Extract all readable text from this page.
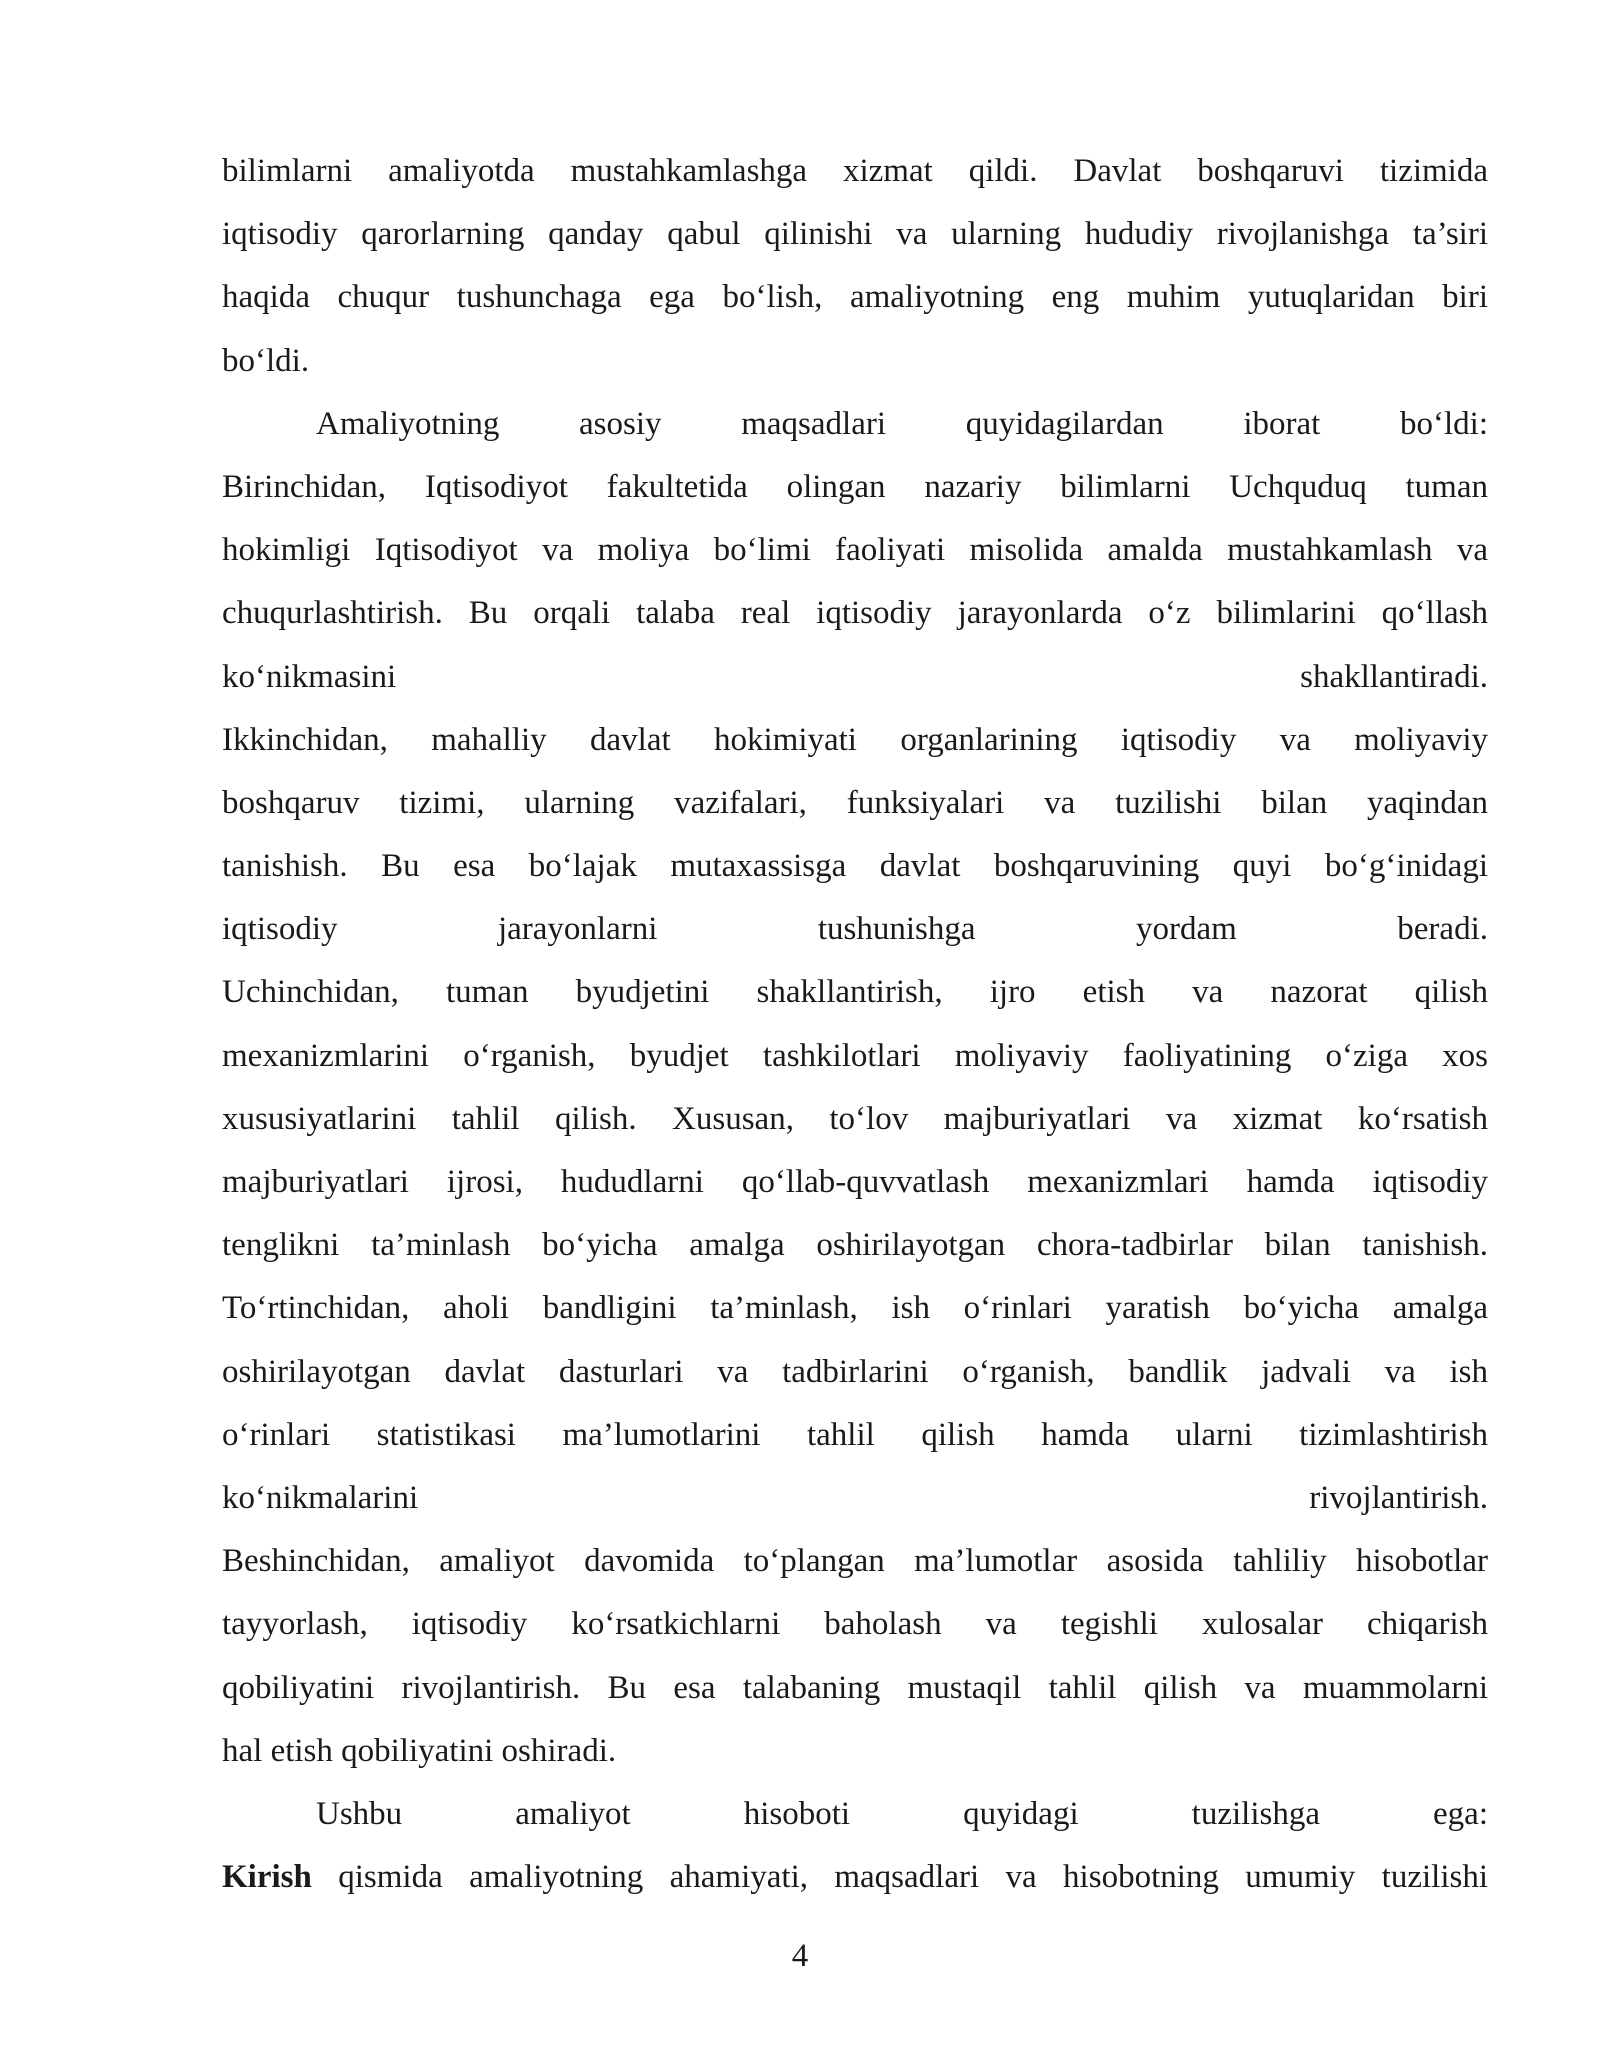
bilimlarni amaliyotda mustahkamlashga xizmat qildi. Davlat boshqaruvi tizimida
iqtisodiy qarorlarning qanday qabul qilinishi va ularning hududiy rivojlanishga ta’siri
haqida chuqur tushunchaga ega bo‘lish, amaliyotning eng muhim yutuqlaridan biri
bo‘ldi.
Amaliyotning asosiy maqsadlari quyidagilardan iborat bo‘ldi:
Birinchidan, Iqtisodiyot fakultetida olingan nazariy bilimlarni Uchquduq tuman
hokimligi Iqtisodiyot va moliya bo‘limi faoliyati misolida amalda mustahkamlash va
chuqurlashtirish. Bu orqali talaba real iqtisodiy jarayonlarda o‘z bilimlarini qo‘llash
ko‘nikmasini shakllantiradi.
Ikkinchidan, mahalliy davlat hokimiyati organlarining iqtisodiy va moliyaviy
boshqaruv tizimi, ularning vazifalari, funksiyalari va tuzilishi bilan yaqindan
tanishish. Bu esa bo‘lajak mutaxassisga davlat boshqaruvining quyi bo‘g‘inidagi
iqtisodiy jarayonlarni tushunishga yordam beradi.
Uchinchidan, tuman byudjetini shakllantirish, ijro etish va nazorat qilish
mexanizmlarini o‘rganish, byudjet tashkilotlari moliyaviy faoliyatining o‘ziga xos
xususiyatlarini tahlil qilish. Xususan, to‘lov majburiyatlari va xizmat ko‘rsatish
majburiyatlari ijrosi, hududlarni qo‘llab-quvvatlash mexanizmlari hamda iqtisodiy
tenglikni ta’minlash bo‘yicha amalga oshirilayotgan chora-tadbirlar bilan tanishish.
To‘rtinchidan, aholi bandligini ta’minlash, ish o‘rinlari yaratish bo‘yicha amalga
oshirilayotgan davlat dasturlari va tadbirlarini o‘rganish, bandlik jadvali va ish
o‘rinlari statistikasi ma’lumotlarini tahlil qilish hamda ularni tizimlashtirish
ko‘nikmalarini rivojlantirish.
Beshinchidan, amaliyot davomida to‘plangan ma’lumotlar asosida tahliliy hisobotlar
tayyorlash, iqtisodiy ko‘rsatkichlarni baholash va tegishli xulosalar chiqarish
qobiliyatini rivojlantirish. Bu esa talabaning mustaqil tahlil qilish va muammolarni
hal etish qobiliyatini oshiradi.
Ushbu amaliyot hisoboti quyidagi tuzilishga ega:
Kirish qismida amaliyotning ahamiyati, maqsadlari va hisobotning umumiy tuzilishi
4
